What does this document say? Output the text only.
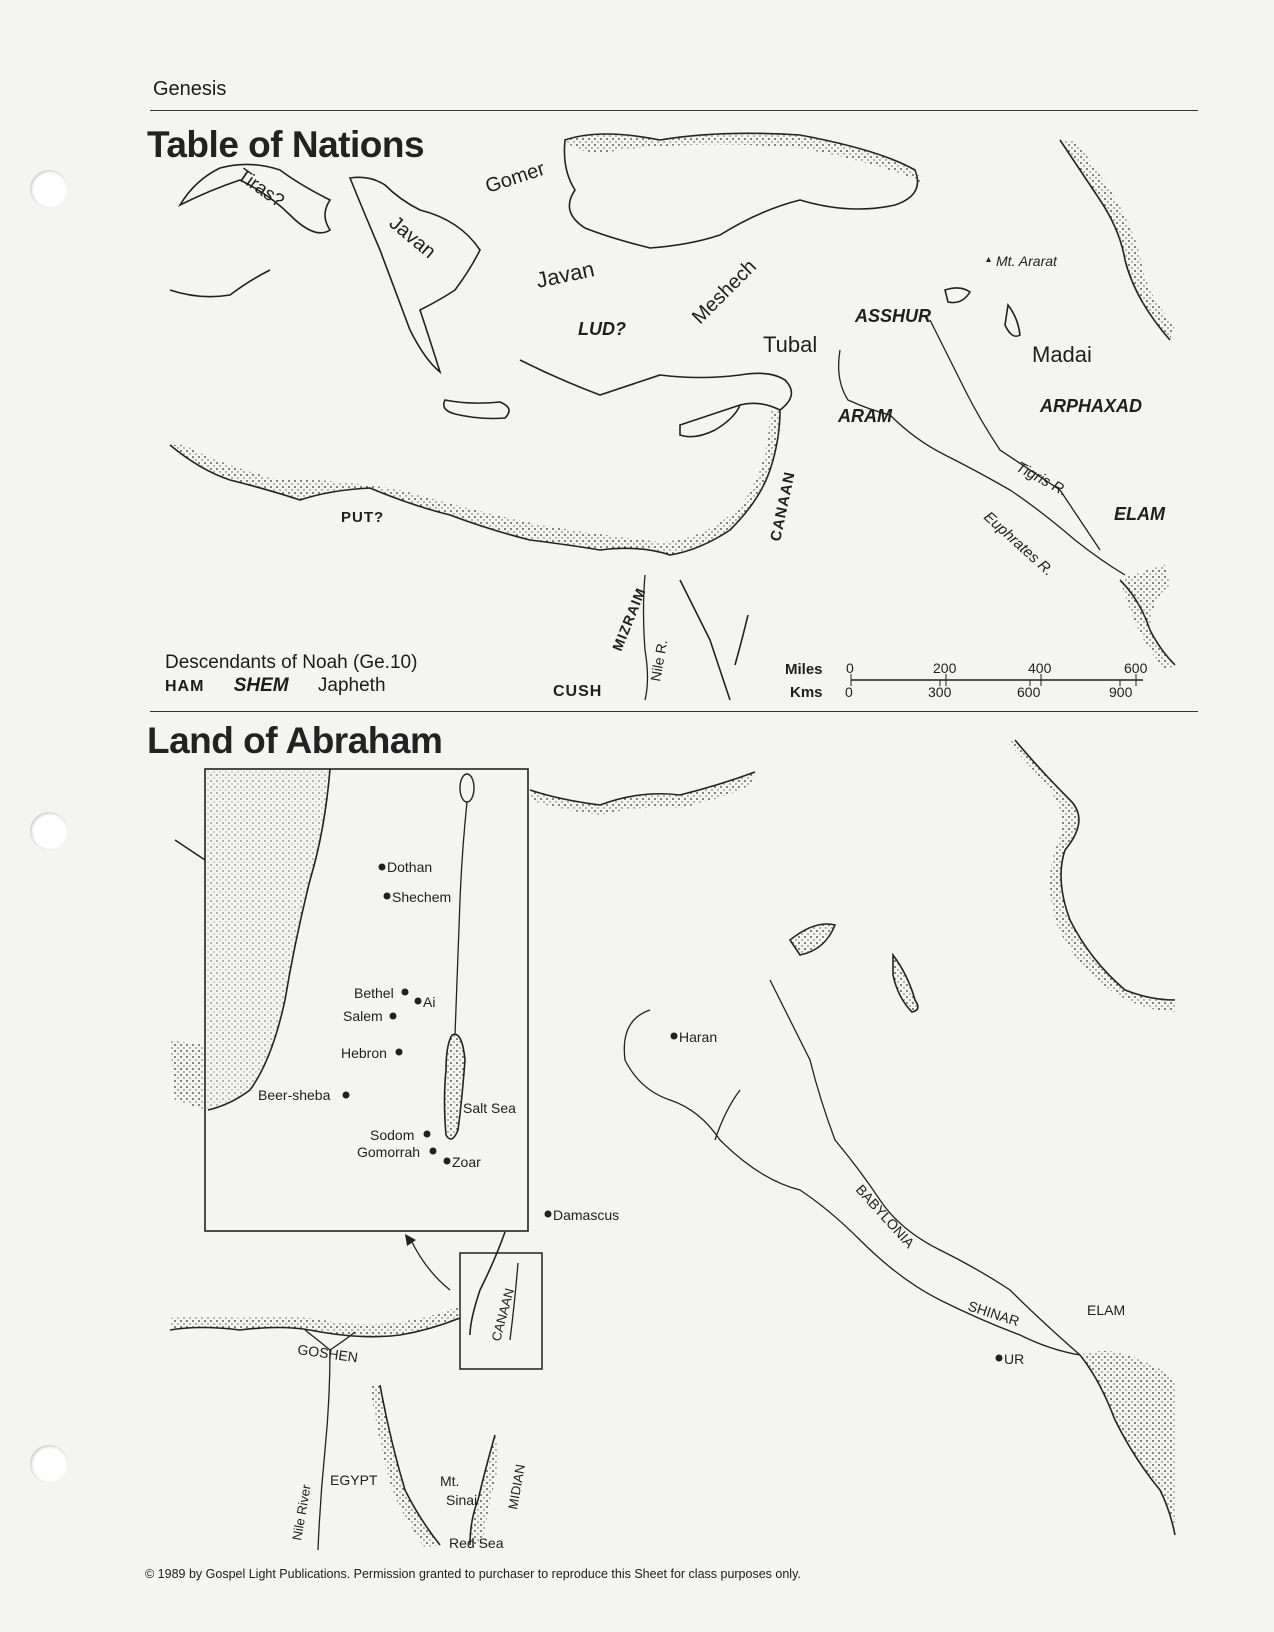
Genesis
Table of Nations
Tiras?	Gomer
Javan
Javan	Meshech
LUD?
Tubal
ASSHUR
Mt. Ararat
Madai
ARPHAXAD
ARAM
Tigris R.
Euphrates R.	ELAM
CANAAN
PUT?
MIZRAIM
Nile R.
CUSH
Miles
Kms
0	200	400	600
0	300	600	900
Descendants of Noah (Ge.10)
HAM SHEM Japheth
Land of Abraham
Dothan
Shechem
Bethel
Ai
Salem
Hebron
Beer-sheba
Salt Sea
Sodom
Gomorrah
Zoar
Haran
Damascus
CANAAN
BABYLONIA
SHINAR	ELAM
UR
GOSHEN
EGYPT
Nile River
Mt.
Sinai MIDIAN
Red Sea
© 1989 by Gospel Light Publications. Permission granted to purchaser to reproduce this Sheet for class purposes only.
